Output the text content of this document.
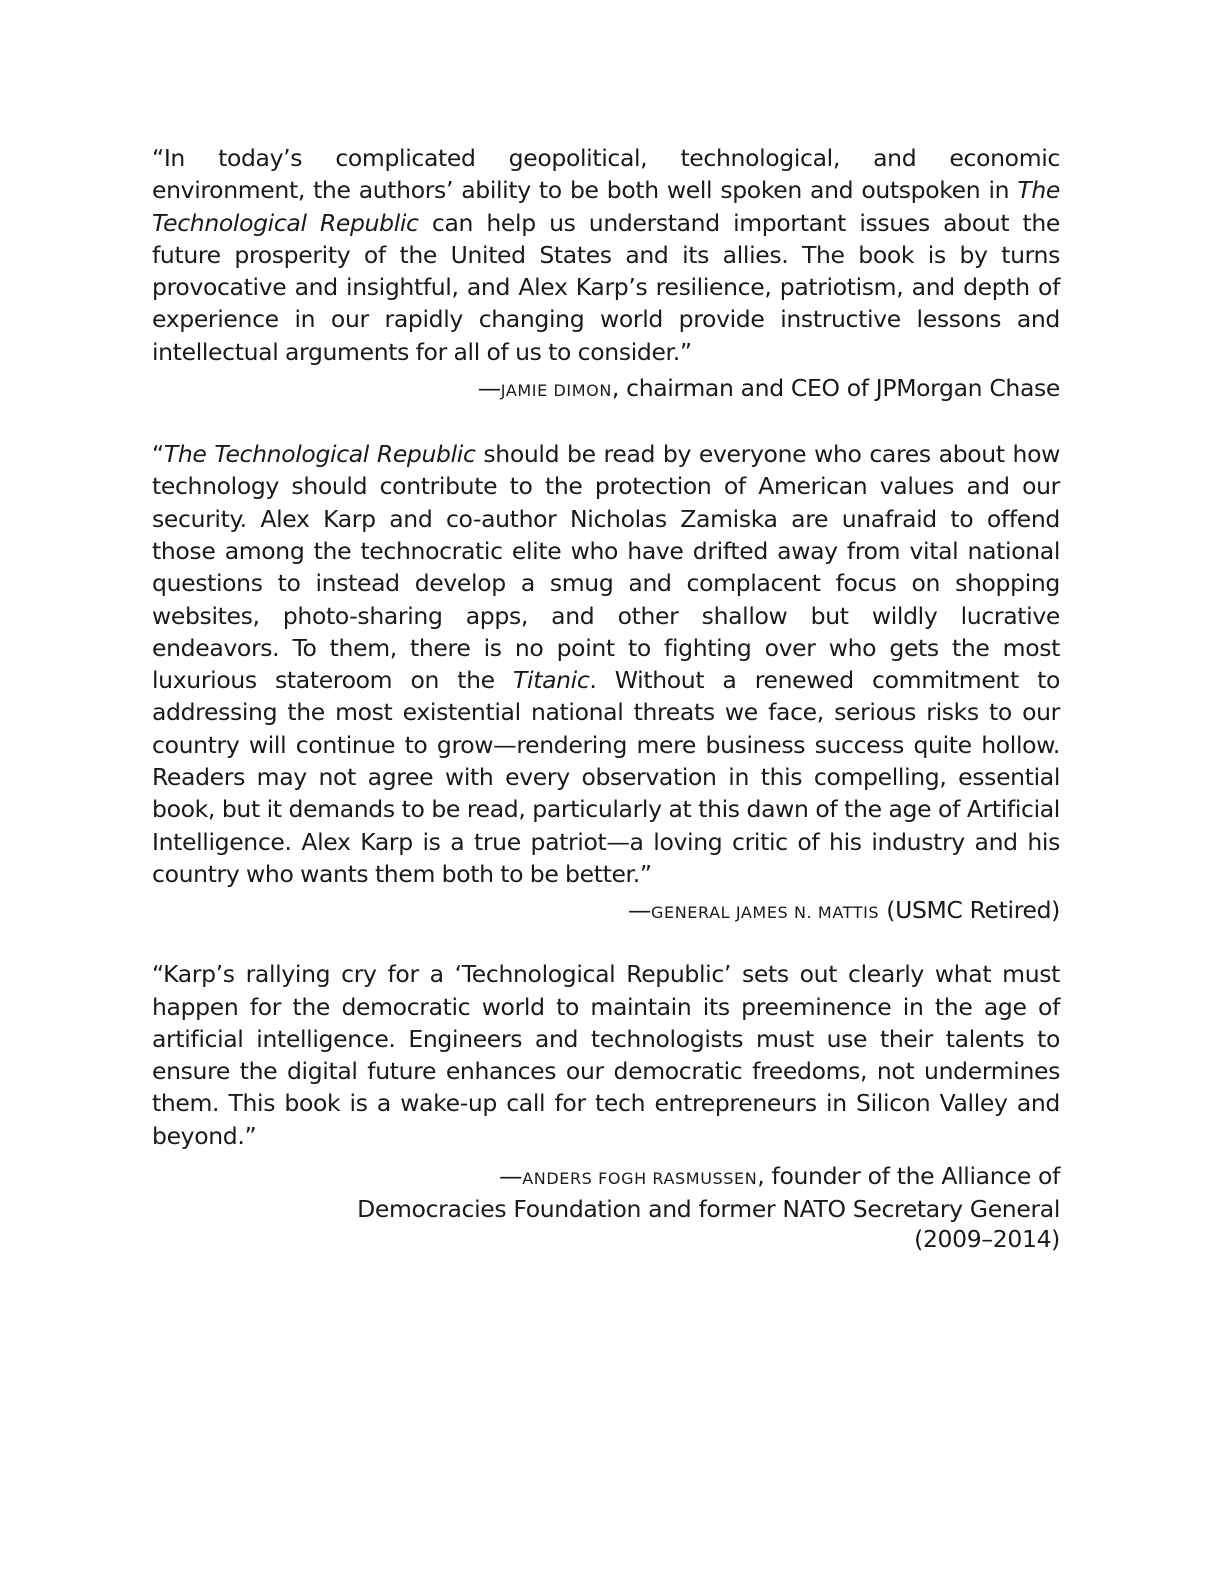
“In today’s complicated geopolitical, technological, and economic environment, the authors’ ability to be both well spoken and outspoken in The Technological Republic can help us understand important issues about the future prosperity of the United States and its allies. The book is by turns provocative and insightful, and Alex Karp’s resilience, patriotism, and depth of experience in our rapidly changing world provide instructive lessons and intellectual arguments for all of us to consider.”

—JAMIE DIMON, chairman and CEO of JPMorgan Chase

“The Technological Republic should be read by everyone who cares about how technology should contribute to the protection of American values and our security. Alex Karp and co-author Nicholas Zamiska are unafraid to offend those among the technocratic elite who have drifted away from vital national questions to instead develop a smug and complacent focus on shopping websites, photo-sharing apps, and other shallow but wildly lucrative endeavors. To them, there is no point to fighting over who gets the most luxurious stateroom on the Titanic. Without a renewed commitment to addressing the most existential national threats we face, serious risks to our country will continue to grow—rendering mere business success quite hollow. Readers may not agree with every observation in this compelling, essential book, but it demands to be read, particularly at this dawn of the age of Artificial Intelligence. Alex Karp is a true patriot—a loving critic of his industry and his country who wants them both to be better.”

—GENERAL JAMES N. MATTIS (USMC Retired)

“Karp’s rallying cry for a ‘Technological Republic’ sets out clearly what must happen for the democratic world to maintain its preeminence in the age of artificial intelligence. Engineers and technologists must use their talents to ensure the digital future enhances our democratic freedoms, not undermines them. This book is a wake-up call for tech entrepreneurs in Silicon Valley and beyond.”

—ANDERS FOGH RASMUSSEN, founder of the Alliance of
Democracies Foundation and former NATO Secretary General
(2009–2014)
